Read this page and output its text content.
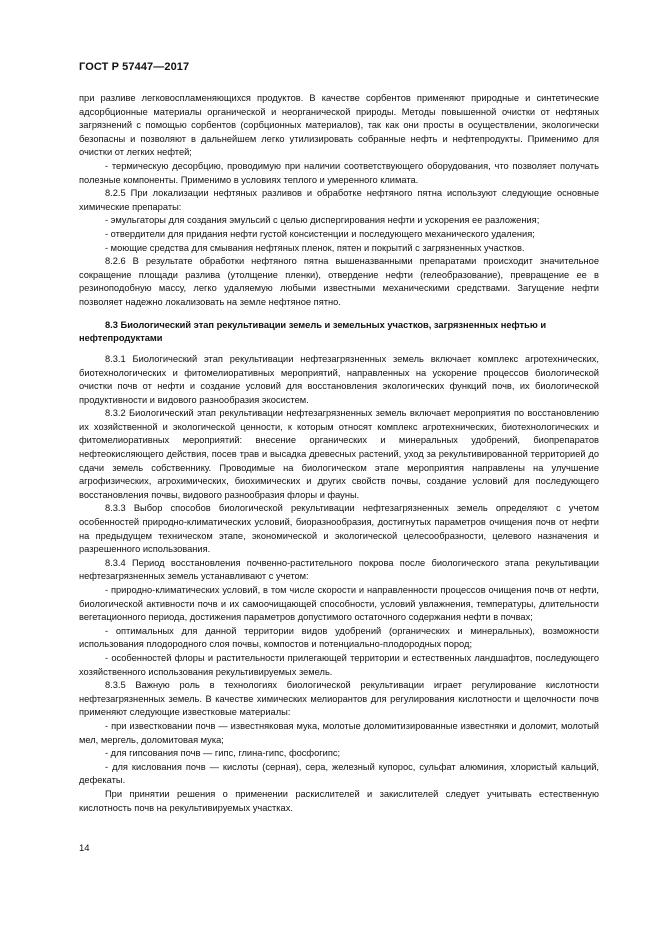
ГОСТ Р 57447—2017

при разливе легковоспламеняющихся продуктов. В качестве сорбентов применяют природные и синтетические адсорбционные материалы органической и неорганической природы. Методы повышенной очистки от нефтяных загрязнений с помощью сорбентов (сорбционных материалов), так как они просты в осуществлении, экологически безопасны и позволяют в дальнейшем легко утилизировать собранные нефть и нефтепродукты. Применимо для очистки от легких нефтей;

- термическую десорбцию, проводимую при наличии соответствующего оборудования, что позволяет получать полезные компоненты. Применимо в условиях теплого и умеренного климата.

8.2.5 При локализации нефтяных разливов и обработке нефтяного пятна используют следующие основные химические препараты:

- эмульгаторы для создания эмульсий с целью диспергирования нефти и ускорения ее разложения;

- отвердители для придания нефти густой консистенции и последующего механического удаления;

- моющие средства для смывания нефтяных пленок, пятен и покрытий с загрязненных участков.

8.2.6 В результате обработки нефтяного пятна вышеназванными препаратами происходит значительное сокращение площади разлива (утолщение пленки), отвердение нефти (гелеобразование), превращение ее в резиноподобную массу, легко удаляемую любыми известными механическими средствами. Загущение нефти позволяет надежно локализовать на земле нефтяное пятно.

8.3 Биологический этап рекультивации земель и земельных участков, загрязненных нефтью и нефтепродуктами

8.3.1 Биологический этап рекультивации нефтезагрязненных земель включает комплекс агротехнических, биотехнологических и фитомелиоративных мероприятий, направленных на ускорение процессов биологической очистки почв от нефти и создание условий для восстановления экологических функций почв, их биологической продуктивности и видового разнообразия экосистем.

8.3.2 Биологический этап рекультивации нефтезагрязненных земель включает мероприятия по восстановлению их хозяйственной и экологической ценности, к которым относят комплекс агротехнических, биотехнологических и фитомелиоративных мероприятий: внесение органических и минеральных удобрений, биопрепаратов нефтеокисляющего действия, посев трав и высадка древесных растений, уход за рекультивированной территорией до сдачи земель собственнику. Проводимые на биологическом этапе мероприятия направлены на улучшение агрофизических, агрохимических, биохимических и других свойств почвы, создание условий для последующего восстановления почвы, видового разнообразия флоры и фауны.

8.3.3 Выбор способов биологической рекультивации нефтезагрязненных земель определяют с учетом особенностей природно-климатических условий, биоразнообразия, достигнутых параметров очищения почв от нефти на предыдущем техническом этапе, экономической и экологической целесообразности, целевого назначения и разрешенного использования.

8.3.4 Период восстановления почвенно-растительного покрова после биологического этапа рекультивации нефтезагрязненных земель устанавливают с учетом:

- природно-климатических условий, в том числе скорости и направленности процессов очищения почв от нефти, биологической активности почв и их самоочищающей способности, условий увлажнения, температуры, длительности вегетационного периода, достижения параметров допустимого остаточного содержания нефти в почвах;

- оптимальных для данной территории видов удобрений (органических и минеральных), возможности использования плодородного слоя почвы, компостов и потенциально-плодородных пород;

- особенностей флоры и растительности прилегающей территории и естественных ландшафтов, последующего хозяйственного использования рекультивируемых земель.

8.3.5 Важную роль в технологиях биологической рекультивации играет регулирование кислотности нефтезагрязненных земель. В качестве химических мелиорантов для регулирования кислотности и щелочности почв применяют следующие известковые материалы:

- при известковании почв — известняковая мука, молотые доломитизированные известняки и доломит, молотый мел, мергель, доломитовая мука;

- для гипсования почв — гипс, глина-гипс, фосфогипс;

- для кислования почв — кислоты (серная), сера, железный купорос, сульфат алюминия, хлористый кальций, дефекаты.

При принятии решения о применении раскислителей и закислителей следует учитывать естественную кислотность почв на рекультивируемых участках.

14
